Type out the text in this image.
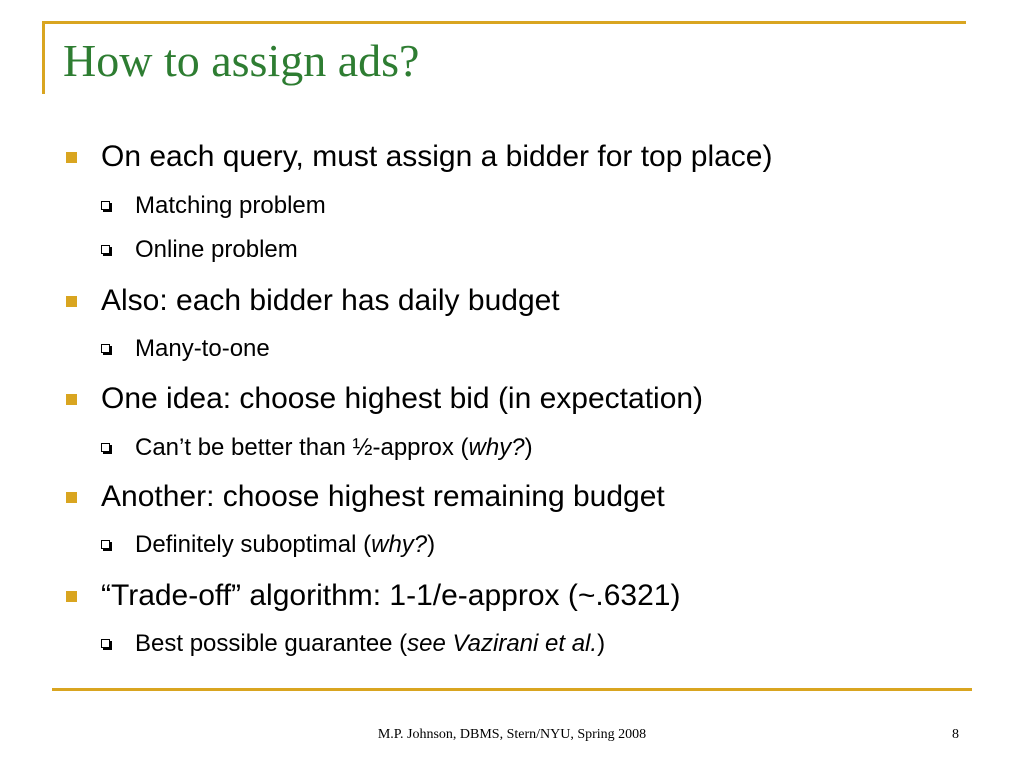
How to assign ads?
On each query, must assign a bidder for top place)
Matching problem
Online problem
Also: each bidder has daily budget
Many-to-one
One idea: choose highest bid (in expectation)
Can’t be better than ½-approx (why?)
Another: choose highest remaining budget
Definitely suboptimal (why?)
“Trade-off” algorithm: 1-1/e-approx (~.6321)
Best possible guarantee (see Vazirani et al.)
M.P. Johnson, DBMS, Stern/NYU, Spring 2008	8
